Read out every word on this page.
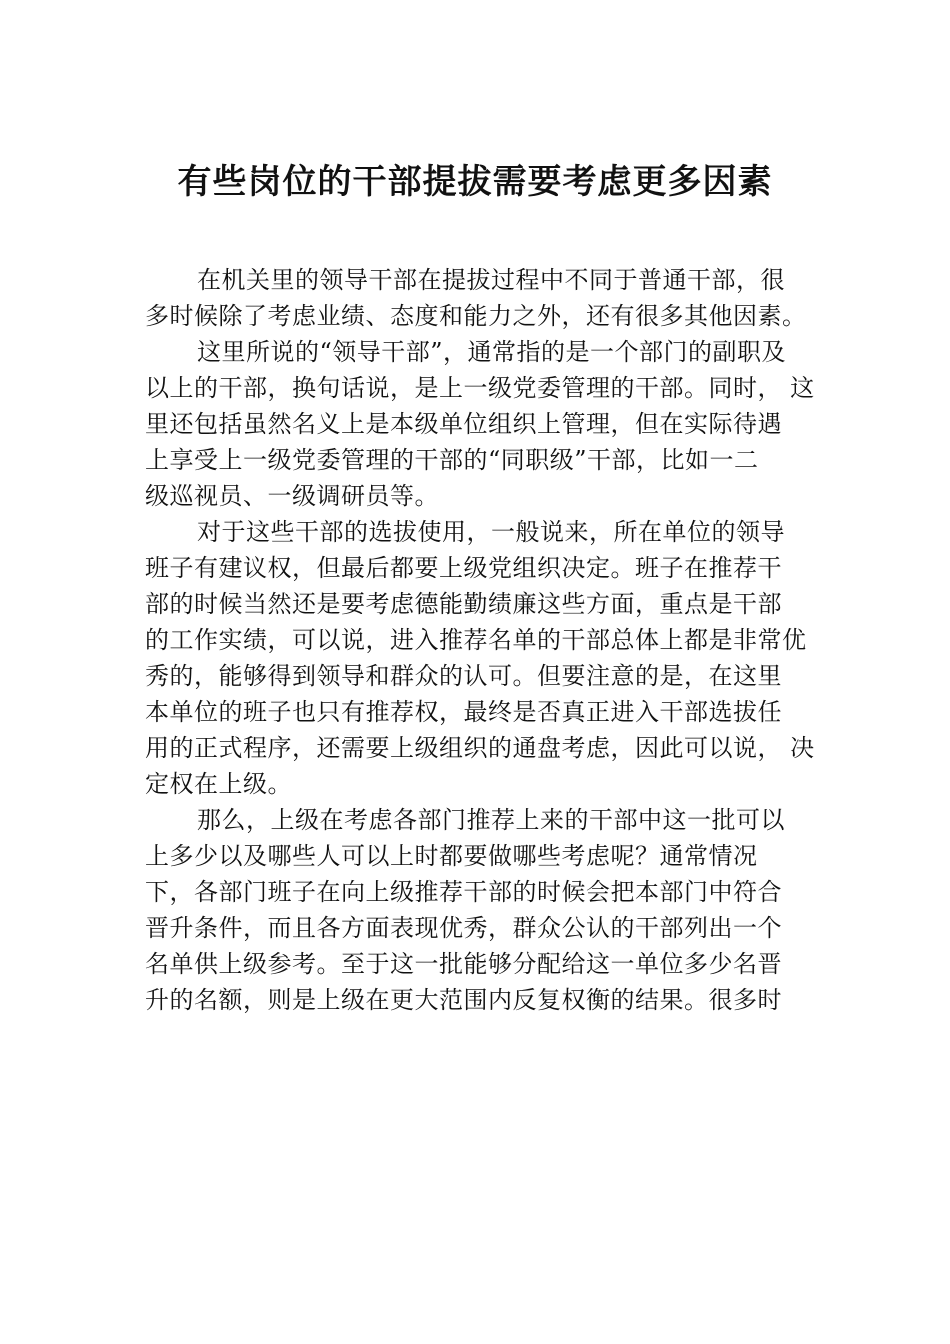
有些岗位的干部提拔需要考虑更多因素
在机关里的领导干部在提拔过程中不同于普通干部，很
多时候除了考虑业绩、态度和能力之外，还有很多其他因素。
这里所说的“领导干部”，通常指的是一个部门的副职及
以上的干部，换句话说，是上一级党委管理的干部。同时， 这
里还包括虽然名义上是本级单位组织上管理，但在实际待遇
上享受上一级党委管理的干部的“同职级”干部，比如一二
级巡视员、一级调研员等。
对于这些干部的选拔使用，一般说来，所在单位的领导
班子有建议权，但最后都要上级党组织决定。班子在推荐干
部的时候当然还是要考虑德能勤绩廉这些方面，重点是干部
的工作实绩，可以说，进入推荐名单的干部总体上都是非常优
秀的，能够得到领导和群众的认可。但要注意的是，在这里
本单位的班子也只有推荐权，最终是否真正进入干部选拔任
用的正式程序，还需要上级组织的通盘考虑，因此可以说， 决
定权在上级。
那么，上级在考虑各部门推荐上来的干部中这一批可以
上多少以及哪些人可以上时都要做哪些考虑呢？通常情况
下，各部门班子在向上级推荐干部的时候会把本部门中符合
晋升条件，而且各方面表现优秀，群众公认的干部列出一个
名单供上级参考。至于这一批能够分配给这一单位多少名晋
升的名额，则是上级在更大范围内反复权衡的结果。很多时
